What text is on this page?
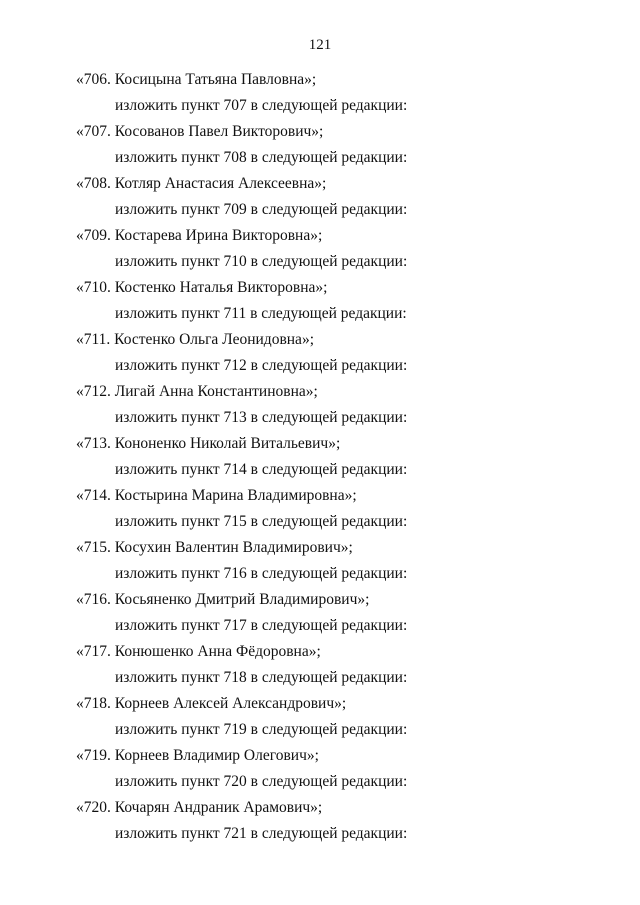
121
«706. Косицына Татьяна Павловна»;
изложить пункт 707 в следующей редакции:
«707. Косованов Павел Викторович»;
изложить пункт 708 в следующей редакции:
«708. Котляр Анастасия Алексеевна»;
изложить пункт 709 в следующей редакции:
«709. Костарева Ирина Викторовна»;
изложить пункт 710 в следующей редакции:
«710. Костенко Наталья Викторовна»;
изложить пункт 711 в следующей редакции:
«711. Костенко Ольга Леонидовна»;
изложить пункт 712 в следующей редакции:
«712. Лигай Анна Константиновна»;
изложить пункт 713 в следующей редакции:
«713. Кононенко Николай Витальевич»;
изложить пункт 714 в следующей редакции:
«714. Костырина Марина Владимировна»;
изложить пункт 715 в следующей редакции:
«715. Косухин Валентин Владимирович»;
изложить пункт 716 в следующей редакции:
«716. Косьяненко Дмитрий Владимирович»;
изложить пункт 717 в следующей редакции:
«717. Конюшенко Анна Фёдоровна»;
изложить пункт 718 в следующей редакции:
«718. Корнеев Алексей Александрович»;
изложить пункт 719 в следующей редакции:
«719. Корнеев Владимир Олегович»;
изложить пункт 720 в следующей редакции:
«720. Кочарян Андраник Арамович»;
изложить пункт 721 в следующей редакции:
